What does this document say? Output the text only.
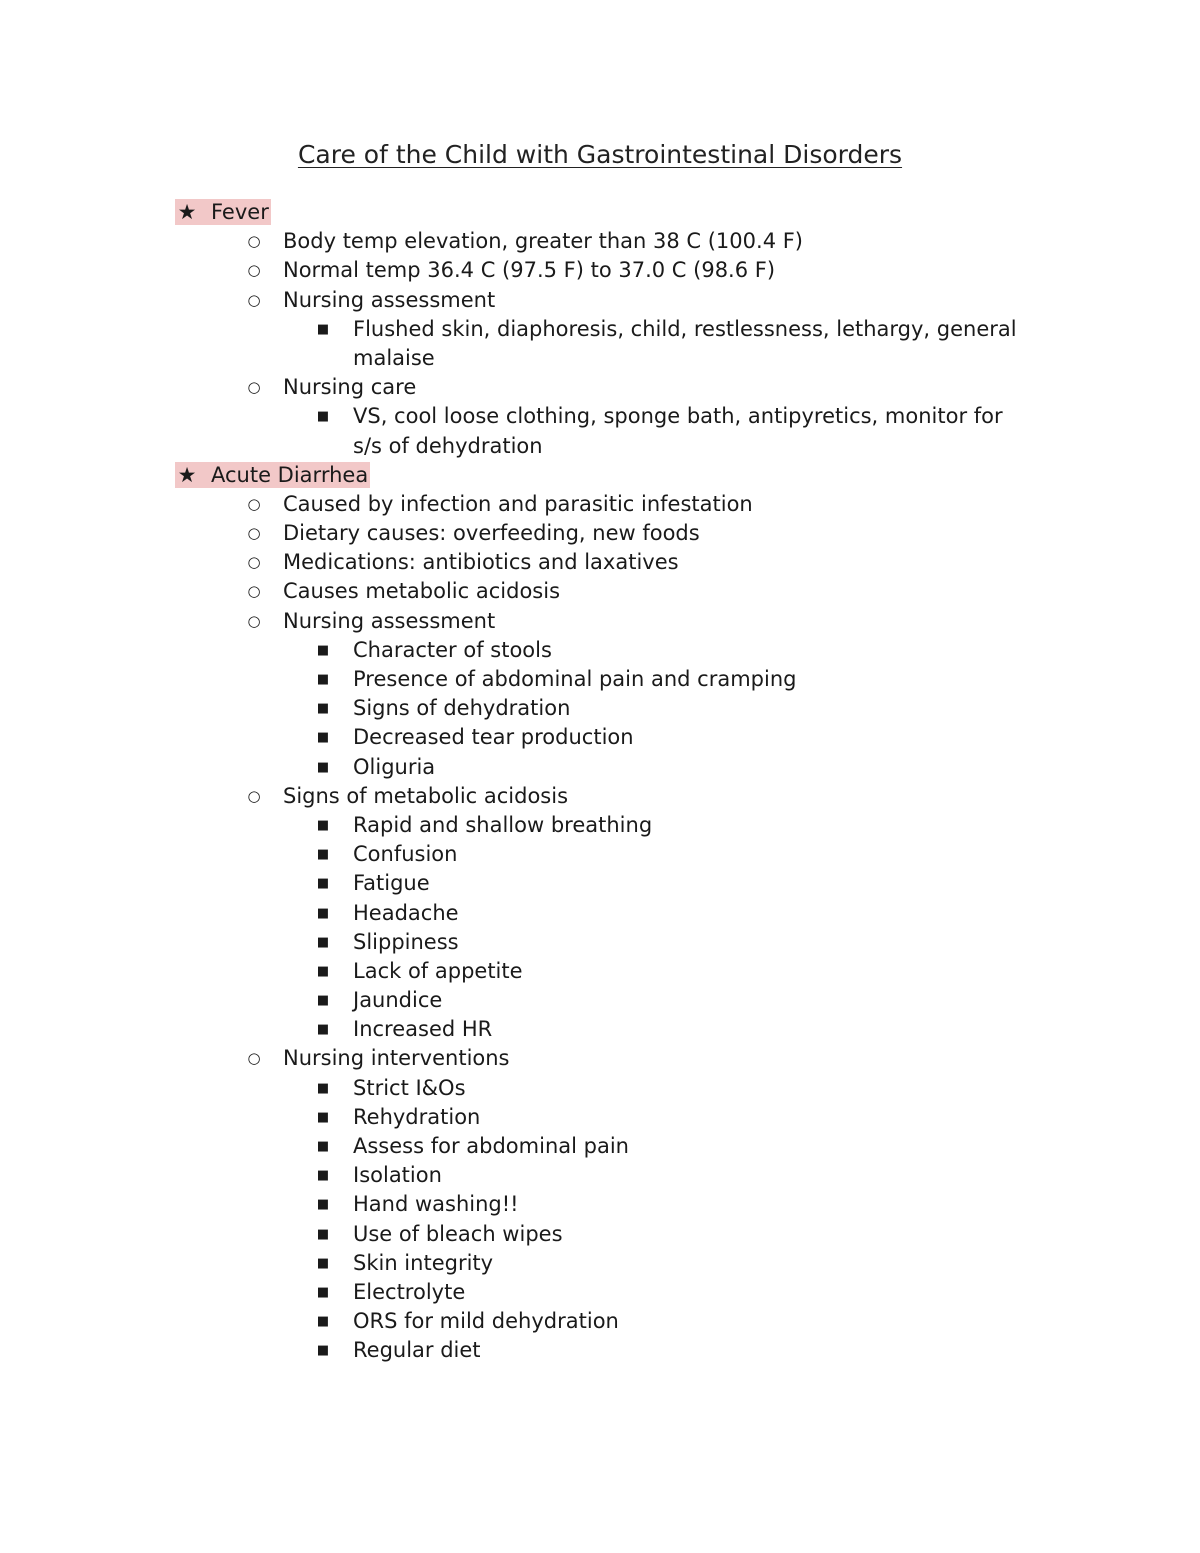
Care of the Child with Gastrointestinal Disorders
★ Fever
○ Body temp elevation, greater than 38 C (100.4 F)
○ Normal temp 36.4 C (97.5 F) to 37.0 C (98.6 F)
○ Nursing assessment
■ Flushed skin, diaphoresis, child, restlessness, lethargy, general
malaise
○ Nursing care
■ VS, cool loose clothing, sponge bath, antipyretics, monitor for
s/s of dehydration
★ Acute Diarrhea
○ Caused by infection and parasitic infestation
○ Dietary causes: overfeeding, new foods
○ Medications: antibiotics and laxatives
○ Causes metabolic acidosis
○ Nursing assessment
■ Character of stools
■ Presence of abdominal pain and cramping
■ Signs of dehydration
■ Decreased tear production
■ Oliguria
○ Signs of metabolic acidosis
■ Rapid and shallow breathing
■ Confusion
■ Fatigue
■ Headache
■ Slippiness
■ Lack of appetite
■ Jaundice
■ Increased HR
○ Nursing interventions
■ Strict I&Os
■ Rehydration
■ Assess for abdominal pain
■ Isolation
■ Hand washing!!
■ Use of bleach wipes
■ Skin integrity
■ Electrolyte
■ ORS for mild dehydration
■ Regular diet
